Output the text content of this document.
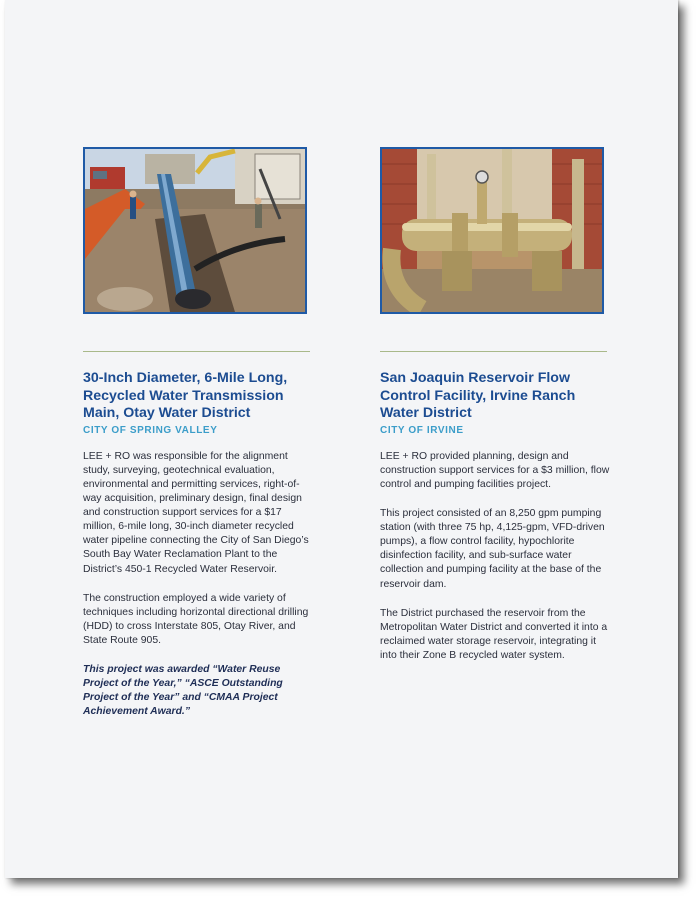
30-Inch Diameter, 6-Mile Long, Recycled Water Transmission Main, Otay Water District
CITY OF SPRING VALLEY

LEE + RO was responsible for the alignment study, surveying, geotechnical evaluation, environmental and permitting services, right-of-way acquisition, preliminary design, final design and construction support services for a $17 million, 6-mile long, 30-inch diameter recycled water pipeline connecting the City of San Diego’s South Bay Water Reclamation Plant to the District’s 450-1 Recycled Water Reservoir.

The construction employed a wide variety of techniques including horizontal directional drilling (HDD) to cross Interstate 805, Otay River, and State Route 905.

This project was awarded “Water Reuse Project of the Year,” “ASCE Outstanding Project of the Year” and “CMAA Project Achievement Award.”

San Joaquin Reservoir Flow Control Facility, Irvine Ranch Water District
CITY OF IRVINE

LEE + RO provided planning, design and construction support services for a $3 million, flow control and pumping facilities project.

This project consisted of an 8,250 gpm pumping station (with three 75 hp, 4,125-gpm, VFD-driven pumps), a flow control facility, hypochlorite disinfection facility, and sub-surface water collection and pumping facility at the base of the reservoir dam.

The District purchased the reservoir from the Metropolitan Water District and converted it into a reclaimed water storage reservoir, integrating it into their Zone B recycled water system.
